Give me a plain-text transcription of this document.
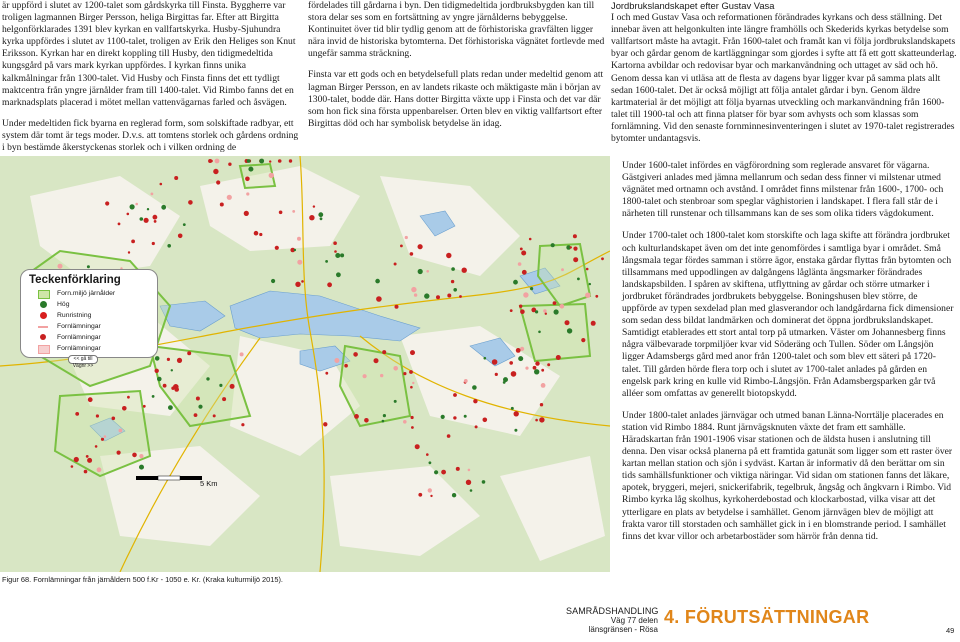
är uppförd i slutet av 1200-talet som gårdskyrka till Finsta. Byggherre var troligen lagmannen Birger Persson, heliga Birgittas far. Efter att Birgitta helgonförklarades 1391 blev kyrkan en vallfartskyrka. Husby-Sjuhundra kyrka uppfördes i slutet av 1100-talet, troligen av Erik den Heliges son Knut Eriksson. Kyrkan har en direkt koppling till Husby, den tidigmedeltida kungsgård på vars mark kyrkan uppfördes. I kyrkan finns unika kalkmålningar från 1300-talet. Vid Husby och Finsta finns det ett tydligt maktcentra från yngre järnålder fram till 1400-talet. Vid Rimbo fanns det en marknadsplats placerad i mötet mellan vattenvägarnas farled och åsvägen.

Under medeltiden fick byarna en reglerad form, som solskiftade radbyar, ett system där tomt är tegs moder. D.v.s. att tomtens storlek och gårdens ordning i byn bestämde åkerstyckenas storlek och i vilken ordning de

fördelades till gårdarna i byn. Den tidigmedeltida jordbruksbygden kan till stora delar ses som en fortsättning av yngre järnålderns bebyggelse. Kontinuitet över tid blir tydlig genom att de förhistoriska gravfälten ligger nära invid de historiska bytomterna. Det förhistoriska vägnätet fortlevde med ungefär samma sträckning.

Finsta var ett gods och en betydelsefull plats redan under medeltid genom att lagman Birger Persson, en av landets rikaste och mäktigaste män i början av 1300-talet, bodde där. Hans dotter Birgitta växte upp i Finsta och det var där som hon fick sina första uppenbarelser. Orten blev en viktig vallfartsort efter Birgittas död och har symbolisk betydelse än idag.

Jordbrukslandskapet efter Gustav Vasa

I och med Gustav Vasa och reformationen förändrades kyrkans och dess ställning. Det innebar även att helgonkulten inte längre framhölls och Skederids kyrkas betydelse som vallfartsort måste ha avtagit. Från 1600-talet och framåt kan vi följa jordbrukslandskapets byar och gårdar genom de kartläggningar som gjordes i syfte att få ett gott skatteunderlag. Kartorna avbildar och redovisar byar och markanvändning och uttaget av säd och hö. Genom dessa kan vi utläsa att de flesta av dagens byar ligger kvar på samma plats allt sedan 1600-talet. Det är också möjligt att följa antalet gårdar i byn. Genom äldre kartmaterial är det möjligt att följa byarnas utveckling och markanvändning från 1600-talet till 1900-tal och att finna platser för byar som avhysts och som klassas som fornlämning. Vid den senaste fornminnesinventeringen i slutet av 1970-talet registrerades bytomter undantagsvis.

Under 1600-talet infördes en vägförordning som reglerade ansvaret för vägarna. Gästgiveri anlades med jämna mellanrum och sedan dess finner vi milstenar utmed vägnätet med ortnamn och avstånd. I området finns milstenar från 1600-, 1700- och 1800-talet och stenbroar som speglar väghistorien i landskapet. I flera fall står de i närheten till runstenar och tillsammans kan de ses som olika tiders vägdokument.

Under 1700-talet och 1800-talet kom storskifte och laga skifte att förändra jordbruket och kulturlandskapet även om det inte genomfördes i samtliga byar i området. Små långsmala tegar fördes samman i större ägor, enstaka gårdar flyttas från bytomten och tillsammans med uppodlingen av dalgångens låglänta ängsmarker förändrades landskapsbilden. I spåren av skiftena, utflyttning av gårdar och större utmarker i jordbruket förändrades jordbrukets bebyggelse. Boningshusen blev större, de uppförde av typen sexdelad plan med glasverandor och landgårdarna fick dimensioner som sedan dess bildat landmärken och dominerat det öppna jordbrukslandskapet. Samtidigt etablerades ett stort antal torp på utmarken. Väster om Johannesberg finns några välbevarade torpmiljöer kvar vid Söderäng och Tullen. Söder om Långsjön ligger Adamsbergs gård med anor från 1200-talet och som blev ett säteri på 1720-talet. Till gården hörde flera torp och i slutet av 1700-talet anlades på gården en engelsk park kring en kulle vid Rimbo-Långsjön. Från Adamsbergsparken går två alléer som omfattas av generellt biotopskydd.

Under 1800-talet anlades järnvägar och utmed banan Länna-Norrtälje placerades en station vid Rimbo 1884. Runt järnvägsknuten växte det fram ett samhälle. Häradskartan från 1901-1906 visar stationen och de äldsta husen i anslutning till denna. Den visar också planerna på ett framtida gatunät som ligger som ett raster över kartan mellan station och sjön i sydväst. Kartan är informativ då den berättar om sin tids samhällsfunktioner och viktiga näringar. Vid sidan om stationen fanns det läkare, apotek, bryggeri, mejeri, snickerifabrik, tegelbruk, ångsåg och ångkvarn i Rimbo. Vid Rimbo kyrka låg skolhus, kyrkoherdebostad och klockarbostad, vilka visar att det ytterligare en plats av betydelse i samhället. Genom järnvägen blev de möjligt att frakta varor till storstaden och samhället gick in i en blomstrande period. I samhället finns det kvar villor och arbetarbostäder som härrör från denna tid.

Teckenförklaring
Forn.miljö järnålder
Hög
Runristning
Fornlämningar
Fornlämningar
Fornlämningar
<< gå till Vägnr >>
5 Km
Figur 68. Fornlämningar från järnåldern 500 f.Kr - 1050 e. Kr. (Kraka kulturmiljö 2015).
SAMRÅDSHANDLING
Väg 77 delen länsgränsen - Rösa
4. FÖRUTSÄTTNINGAR
49
